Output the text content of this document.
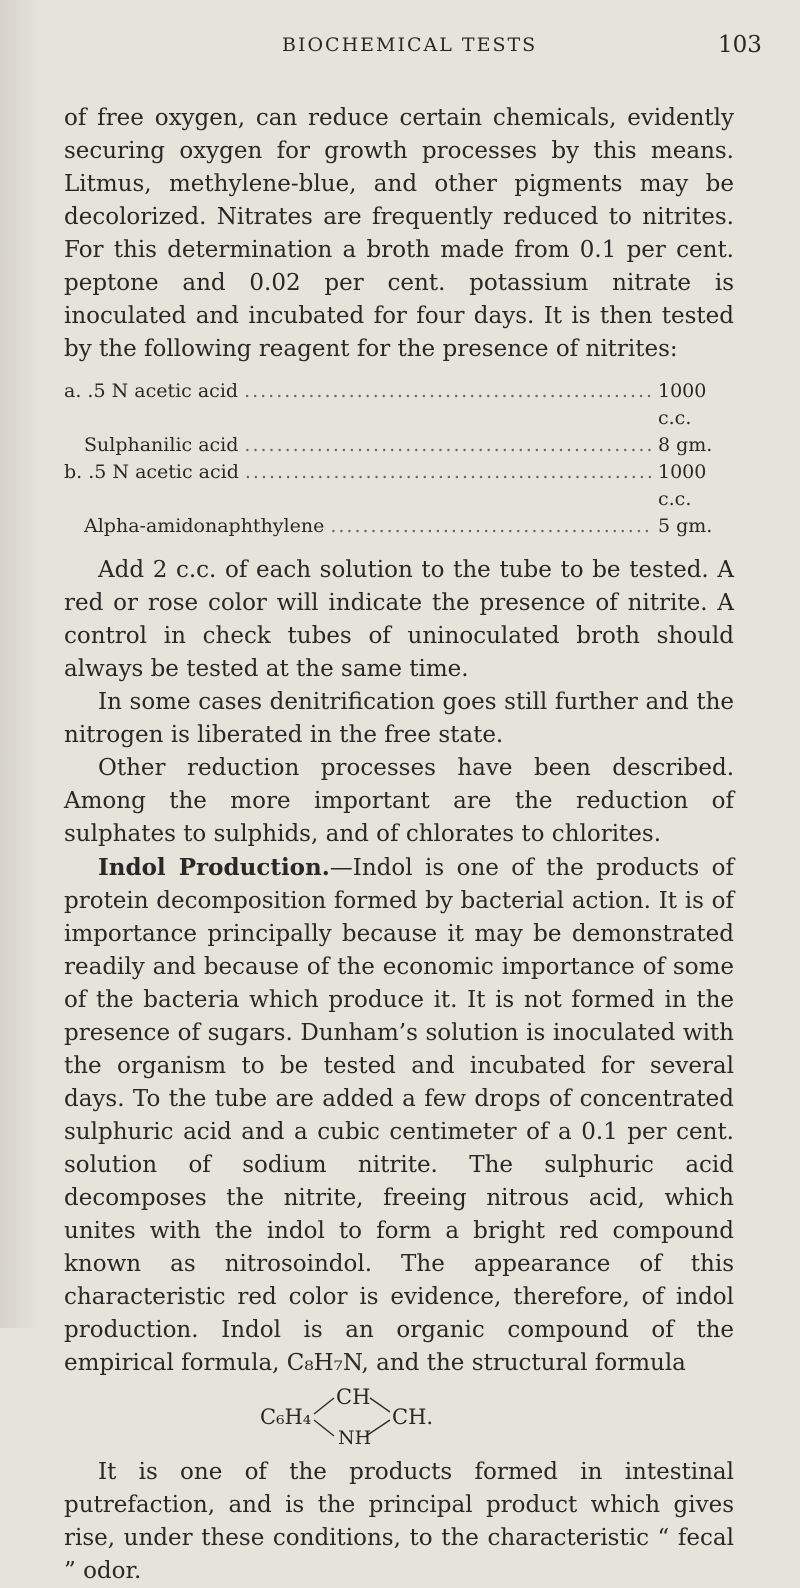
BIOCHEMICAL TESTS	103

of free oxygen, can reduce certain chemicals, evidently securing oxygen for growth processes by this means. Litmus, methylene-blue, and other pigments may be decolorized. Nitrates are frequently reduced to nitrites. For this determination a broth made from 0.1 per cent. peptone and 0.02 per cent. potassium nitrate is inoculated and incubated for four days. It is then tested by the following reagent for the presence of nitrites:

a. .5 N acetic acid .....	1000 c.c.
Sulphanilic acid .....	8 gm.
b. .5 N acetic acid .....	1000 c.c.
Alpha-amidonaphthylene .....	5 gm.

Add 2 c.c. of each solution to the tube to be tested. A red or rose color will indicate the presence of nitrite. A control in check tubes of uninoculated broth should always be tested at the same time.

In some cases denitrification goes still further and the nitrogen is liberated in the free state.

Other reduction processes have been described. Among the more important are the reduction of sulphates to sulphids, and of chlorates to chlorites.

Indol Production.—Indol is one of the products of protein decomposition formed by bacterial action. It is of importance principally because it may be demonstrated readily and because of the economic importance of some of the bacteria which produce it. It is not formed in the presence of sugars. Dunham’s solution is inoculated with the organism to be tested and incubated for several days. To the tube are added a few drops of concentrated sulphuric acid and a cubic centimeter of a 0.1 per cent. solution of sodium nitrite. The sulphuric acid decomposes the nitrite, freeing nitrous acid, which unites with the indol to form a bright red compound known as nitrosoindol. The appearance of this characteristic red color is evidence, therefore, of indol production. Indol is an organic compound of the empirical formula, C₈H₇N, and the structural formula

C₆H₄
CH
CH.
NH

It is one of the products formed in intestinal putrefaction, and is the principal product which gives rise, under these conditions, to the characteristic “ fecal ” odor.
